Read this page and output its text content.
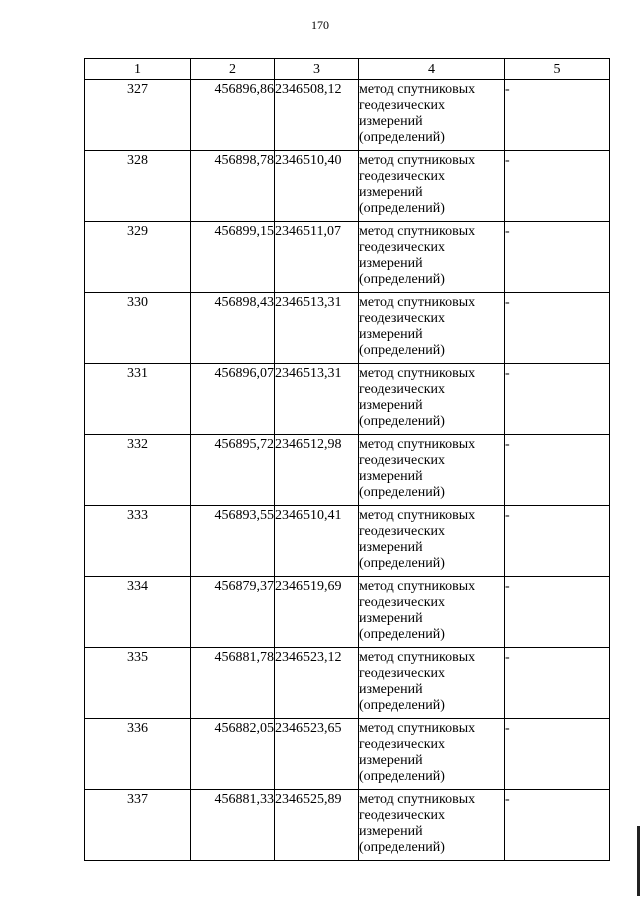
170
1	2	3	4	5
327	456896,86	2346508,12	метод спутниковых
геодезических
измерений
(определений)	-
328	456898,78	2346510,40	метод спутниковых
геодезических
измерений
(определений)	-
329	456899,15	2346511,07	метод спутниковых
геодезических
измерений
(определений)	-
330	456898,43	2346513,31	метод спутниковых
геодезических
измерений
(определений)	-
331	456896,07	2346513,31	метод спутниковых
геодезических
измерений
(определений)	-
332	456895,72	2346512,98	метод спутниковых
геодезических
измерений
(определений)	-
333	456893,55	2346510,41	метод спутниковых
геодезических
измерений
(определений)	-
334	456879,37	2346519,69	метод спутниковых
геодезических
измерений
(определений)	-
335	456881,78	2346523,12	метод спутниковых
геодезических
измерений
(определений)	-
336	456882,05	2346523,65	метод спутниковых
геодезических
измерений
(определений)	-
337	456881,33	2346525,89	метод спутниковых
геодезических
измерений
(определений)	-
